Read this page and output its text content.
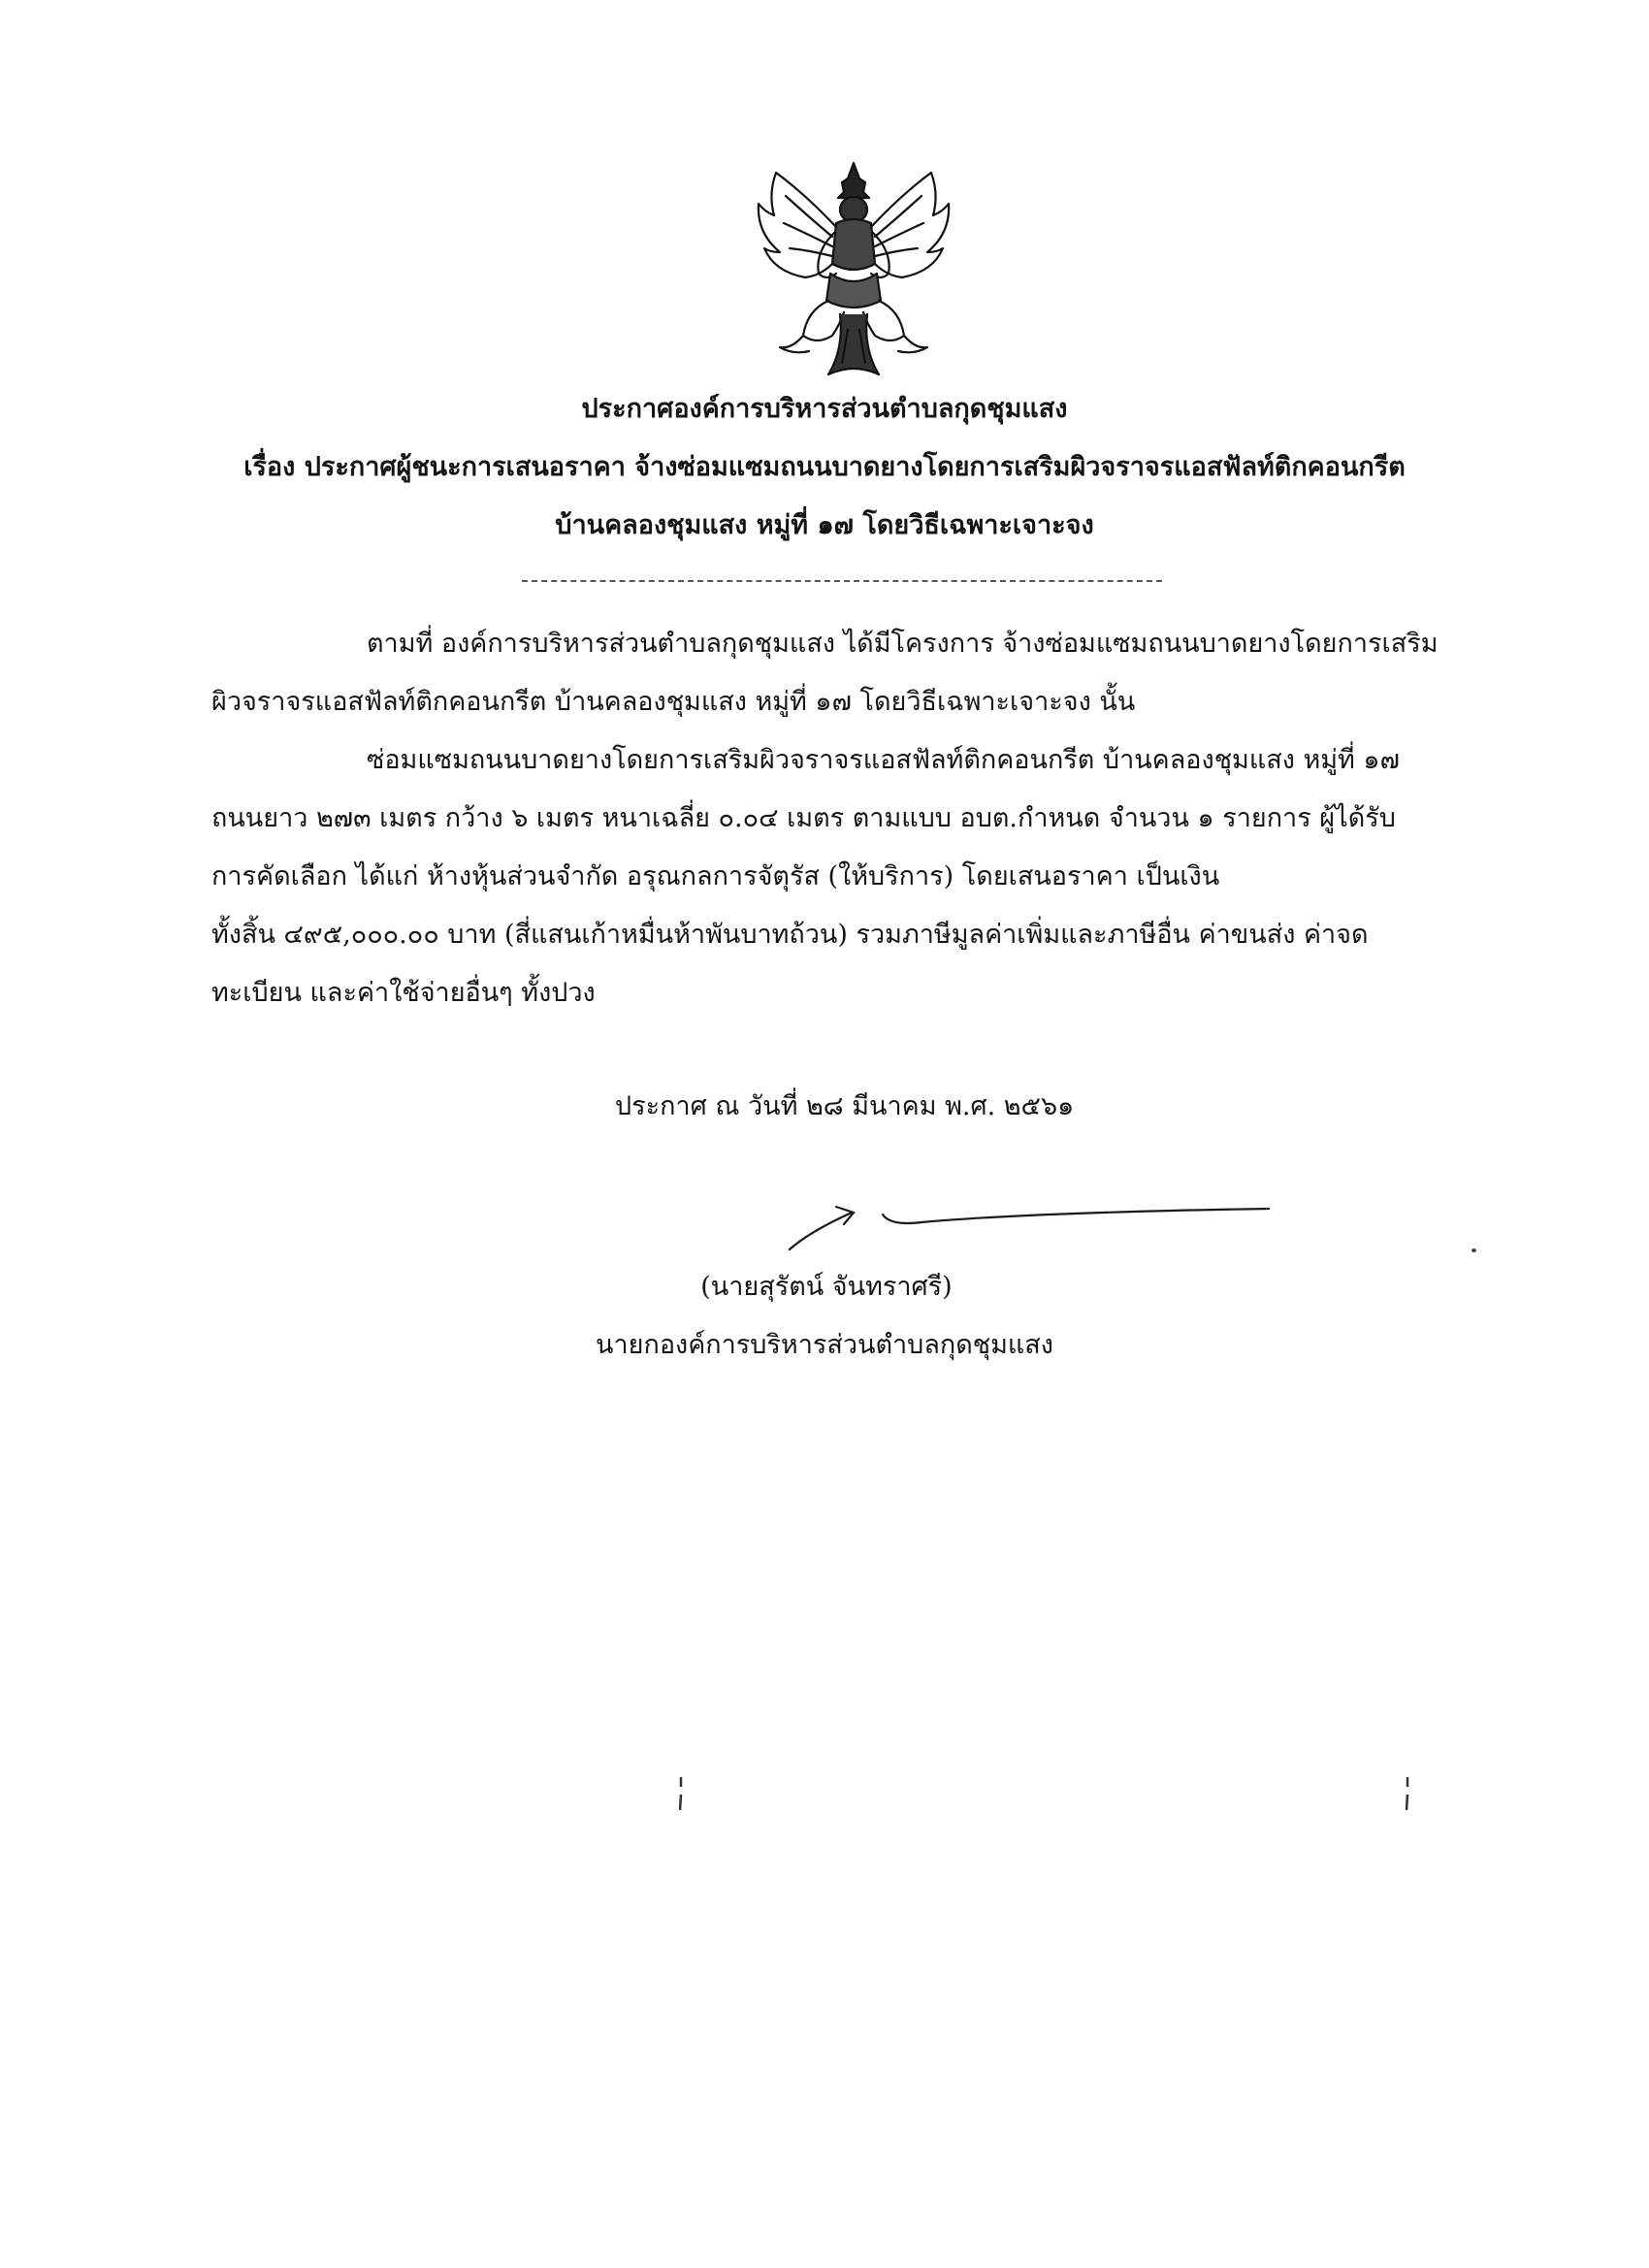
ประกาศองค์การบริหารส่วนตำบลกุดชุมแสง
เรื่อง ประกาศผู้ชนะการเสนอราคา จ้างซ่อมแซมถนนบาดยางโดยการเสริมผิวจราจรแอสฟัลท์ติกคอนกรีต
บ้านคลองชุมแสง หมู่ที่ ๑๗ โดยวิธีเฉพาะเจาะจง
ตามที่ องค์การบริหารส่วนตำบลกุดชุมแสง ได้มีโครงการ จ้างซ่อมแซมถนนบาดยางโดยการเสริม
ผิวจราจรแอสฟัลท์ติกคอนกรีต บ้านคลองชุมแสง หมู่ที่ ๑๗ โดยวิธีเฉพาะเจาะจง นั้น
ซ่อมแซมถนนบาดยางโดยการเสริมผิวจราจรแอสฟัลท์ติกคอนกรีต บ้านคลองชุมแสง หมู่ที่ ๑๗
ถนนยาว ๒๗๓ เมตร กว้าง ๖ เมตร หนาเฉลี่ย ๐.๐๔ เมตร ตามแบบ อบต.กำหนด จำนวน ๑ รายการ ผู้ได้รับ
การคัดเลือก ได้แก่ ห้างหุ้นส่วนจำกัด อรุณกลการจัตุรัส (ให้บริการ) โดยเสนอราคา เป็นเงิน
ทั้งสิ้น ๔๙๕,๐๐๐.๐๐ บาท (สี่แสนเก้าหมื่นห้าพันบาทถ้วน) รวมภาษีมูลค่าเพิ่มและภาษีอื่น ค่าขนส่ง ค่าจด
ทะเบียน และค่าใช้จ่ายอื่นๆ ทั้งปวง
ประกาศ ณ วันที่ ๒๘ มีนาคม พ.ศ. ๒๕๖๑
(นายสุรัตน์ จันทราศรี)
นายกองค์การบริหารส่วนตำบลกุดชุมแสง
